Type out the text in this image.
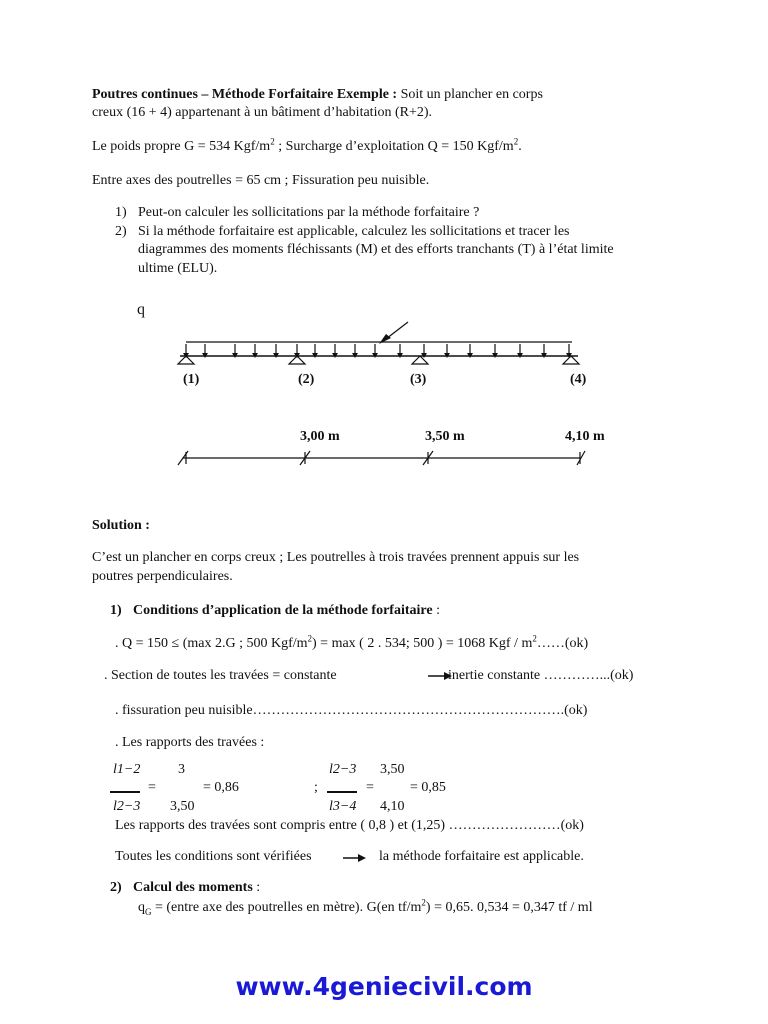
Poutres continues – Méthode Forfaitaire Exemple : Soit un plancher en corps
creux (16 + 4) appartenant à un bâtiment d’habitation (R+2).
Le poids propre G = 534 Kgf/$m^2$ ; Surcharge d’exploitation Q = 150 Kgf/$m^2$.
Entre axes des poutrelles = 65 cm ; Fissuration peu nuisible.
1) Peut-on calculer les sollicitations par la méthode forfaitaire ?
2) Si la méthode forfaitaire est applicable, calculez les sollicitations et tracer les
diagrammes des moments fléchissants (M) et des efforts tranchants (T) à l’état limite
ultime (ELU).
q
(1)	(2)	(3)	(4)
3,00 m	3,50 m	4,10 m
Solution :
C’est un plancher en corps creux ; Les poutrelles à trois travées prennent appuis sur les
poutres perpendiculaires.
1) Conditions d’application de la méthode forfaitaire :
. Q = 150 ≤ (max 2.G ; 500 Kgf/$m^2) = \max$ ( 2 . 534; 500 ) = 1068 Kgf / $m^2\dots\dots(ok)$
. Section de toutes les travées = constante	inertie constante …………...(ok)
. fissuration peu nuisible………………………………………………………….(ok)
. Les rapports des travées :
l1−2	3
=	= 0,86
l2−3 3,50
;
l2−3 3,50
=	= 0,85
l3−4 4,10
Les rapports des travées sont compris entre ( 0,8 ) et (1,25) ……………………(ok)
Toutes les conditions sont vérifiées	la méthode forfaitaire est applicable.
2) Calcul des moments :
$q_G$ = (entre axe des poutrelles en mètre). G(en $tf/m^2) = 0,65$. 0,534 = 0,347 tf / ml
www.4geniecivil.com
